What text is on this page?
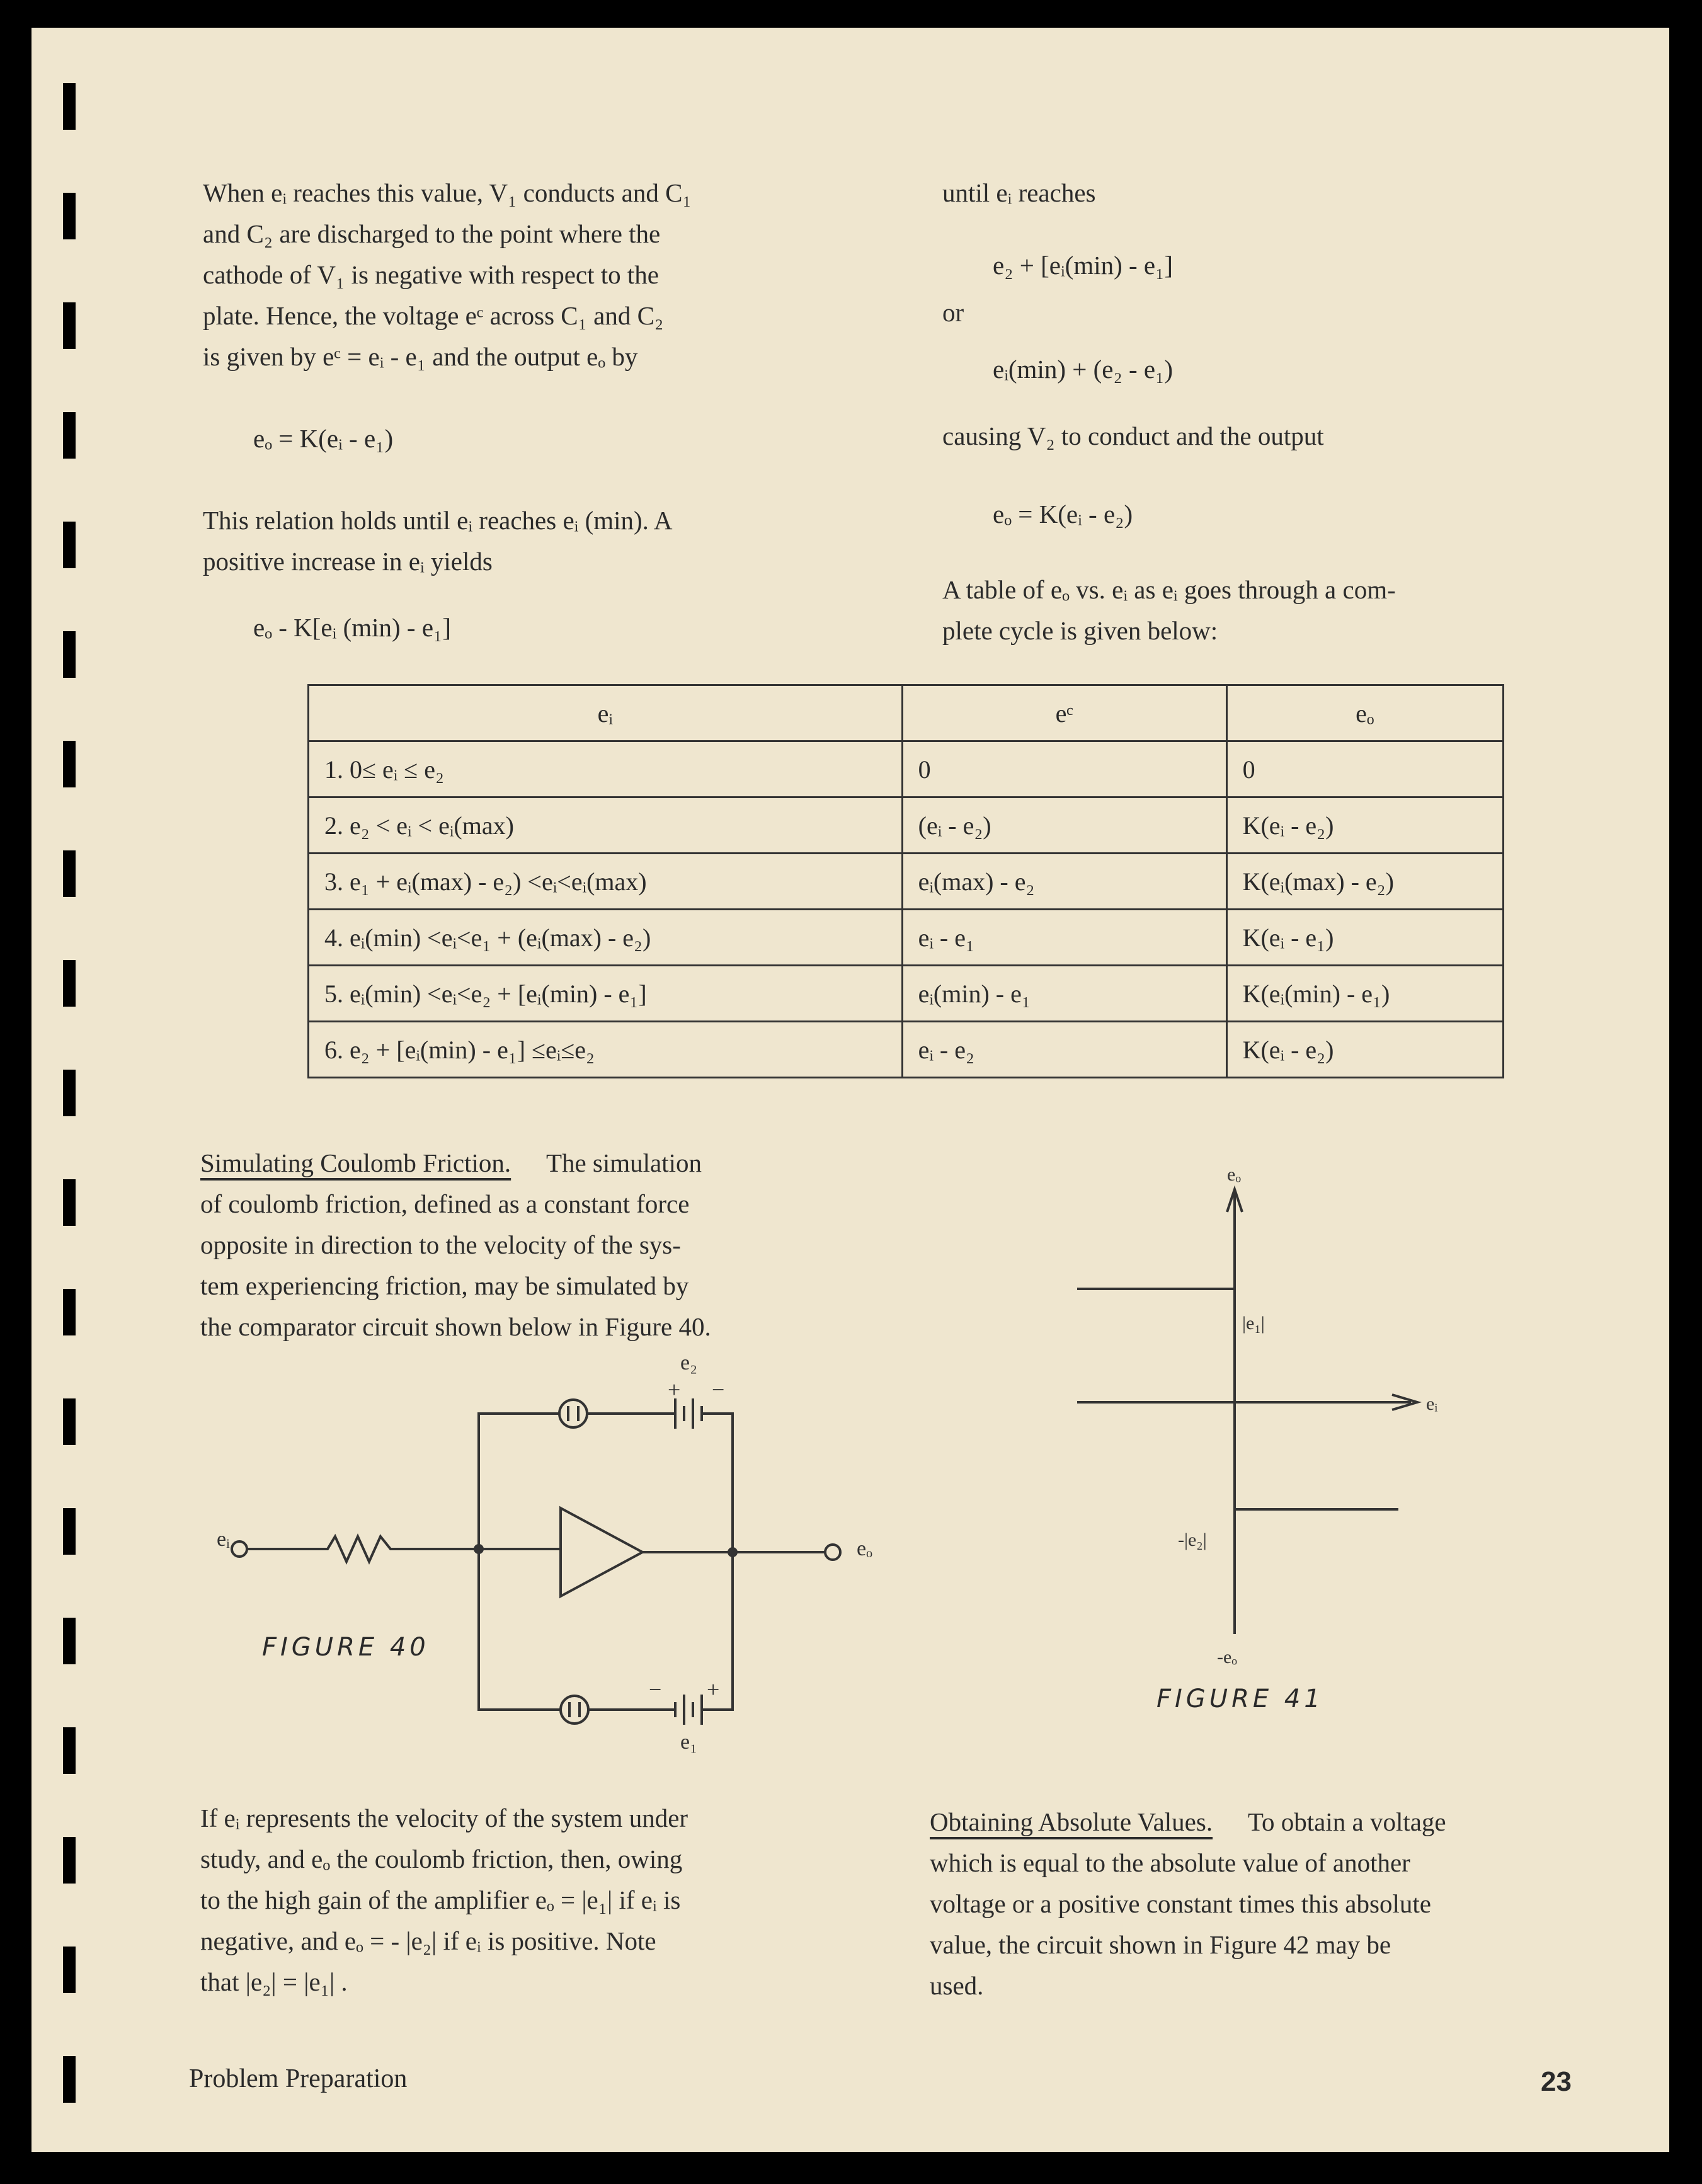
When eᵢ reaches this value, V₁ conducts and C₁
and C₂ are discharged to the point where the
cathode of V₁ is negative with respect to the
plate. Hence, the voltage eᶜ across C₁ and C₂
is given by eᶜ = eᵢ - e₁ and the output eₒ by
eₒ = K(eᵢ - e₁)
This relation holds until eᵢ reaches eᵢ (min). A
positive increase in eᵢ yields
eₒ - K[eᵢ (min) - e₁]
until eᵢ reaches
e₂ + [eᵢ(min) - e₁]
or
eᵢ(min) + (e₂ - e₁)
causing V₂ to conduct and the output
eₒ = K(eᵢ - e₂)
A table of eₒ vs. eᵢ as eᵢ goes through a com-
plete cycle is given below:
eᵢ	eᶜ	eₒ
1. 0≤ eᵢ ≤ e₂	0	0
2. e₂ < eᵢ < eᵢ(max)	(eᵢ - e₂)	K(eᵢ - e₂)
3. e₁ + eᵢ(max) - e₂) <eᵢ<eᵢ(max)	eᵢ(max) - e₂	K(eᵢ(max) - e₂)
4. eᵢ(min) <eᵢ<e₁ + (eᵢ(max) - e₂)	eᵢ - e₁	K(eᵢ - e₁)
5. eᵢ(min) <eᵢ<e₂ + [eᵢ(min) - e₁]	eᵢ(min) - e₁	K(eᵢ(min) - e₁)
6. e₂ + [eᵢ(min) - e₁] ≤eᵢ≤e₂	eᵢ - e₂	K(eᵢ - e₂)
Simulating Coulomb Friction. The simulation
of coulomb friction, defined as a constant force
opposite in direction to the velocity of the sys-
tem experiencing friction, may be simulated by
the comparator circuit shown below in Figure 40.
eᵢ	eₒ
e₂
+ −
e₁
− +
FIGURE 40
eₒ
-eₒ
eᵢ
|e₁|
-|e₂|
FIGURE 41
If eᵢ represents the velocity of the system under
study, and eₒ the coulomb friction, then, owing
to the high gain of the amplifier eₒ = |e₁| if eᵢ is
negative, and eₒ = - |e₂| if eᵢ is positive. Note
that |e₂| = |e₁| .
Obtaining Absolute Values. To obtain a voltage
which is equal to the absolute value of another
voltage or a positive constant times this absolute
value, the circuit shown in Figure 42 may be
used.
Problem Preparation	23
